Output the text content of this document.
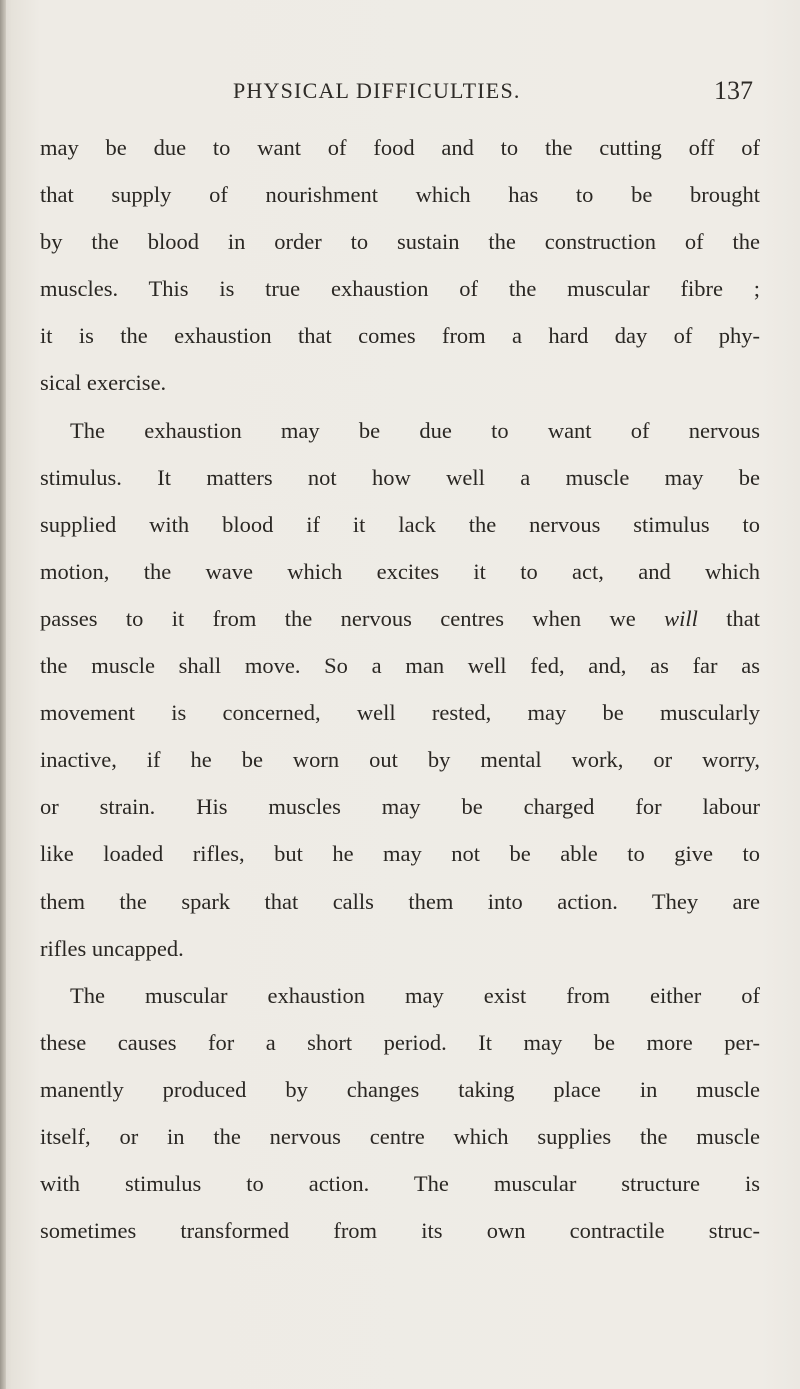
PHYSICAL DIFFICULTIES.	137
may be due to want of food and to the cutting off of
that supply of nourishment which has to be brought
by the blood in order to sustain the construction of the
muscles. This is true exhaustion of the muscular fibre ;
it is the exhaustion that comes from a hard day of phy-
sical exercise.
The exhaustion may be due to want of nervous
stimulus. It matters not how well a muscle may be
supplied with blood if it lack the nervous stimulus to
motion, the wave which excites it to act, and which
passes to it from the nervous centres when we will that
the muscle shall move. So a man well fed, and, as far as
movement is concerned, well rested, may be muscularly
inactive, if he be worn out by mental work, or worry,
or strain. His muscles may be charged for labour
like loaded rifles, but he may not be able to give to
them the spark that calls them into action. They are
rifles uncapped.
The muscular exhaustion may exist from either of
these causes for a short period. It may be more per-
manently produced by changes taking place in muscle
itself, or in the nervous centre which supplies the muscle
with stimulus to action. The muscular structure is
sometimes transformed from its own contractile struc-
